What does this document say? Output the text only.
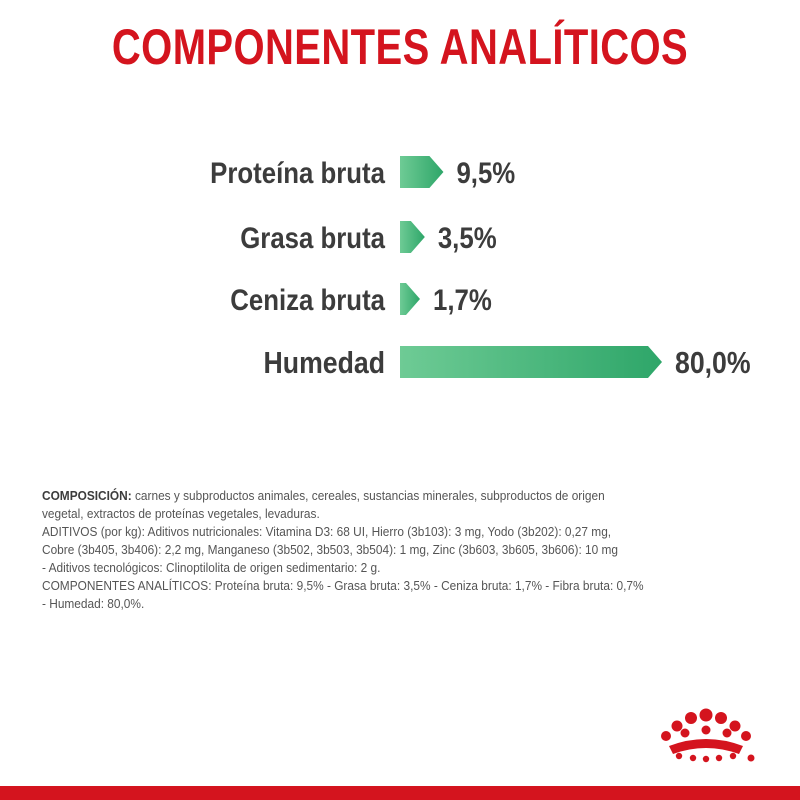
COMPONENTES ANALÍTICOS
Proteína bruta 9,5%
Grasa bruta 3,5%
Ceniza bruta 1,7%
Humedad	80,0%
COMPOSICIÓN: carnes y subproductos animales, cereales, sustancias minerales, subproductos de origen
vegetal, extractos de proteínas vegetales, levaduras.
ADITIVOS (por kg): Aditivos nutricionales: Vitamina D3: 68 UI, Hierro (3b103): 3 mg, Yodo (3b202): 0,27 mg,
Cobre (3b405, 3b406): 2,2 mg, Manganeso (3b502, 3b503, 3b504): 1 mg, Zinc (3b603, 3b605, 3b606): 10 mg
- Aditivos tecnológicos: Clinoptilolita de origen sedimentario: 2 g.
COMPONENTES ANALÍTICOS: Proteína bruta: 9,5% - Grasa bruta: 3,5% - Ceniza bruta: 1,7% - Fibra bruta: 0,7%
- Humedad: 80,0%.
